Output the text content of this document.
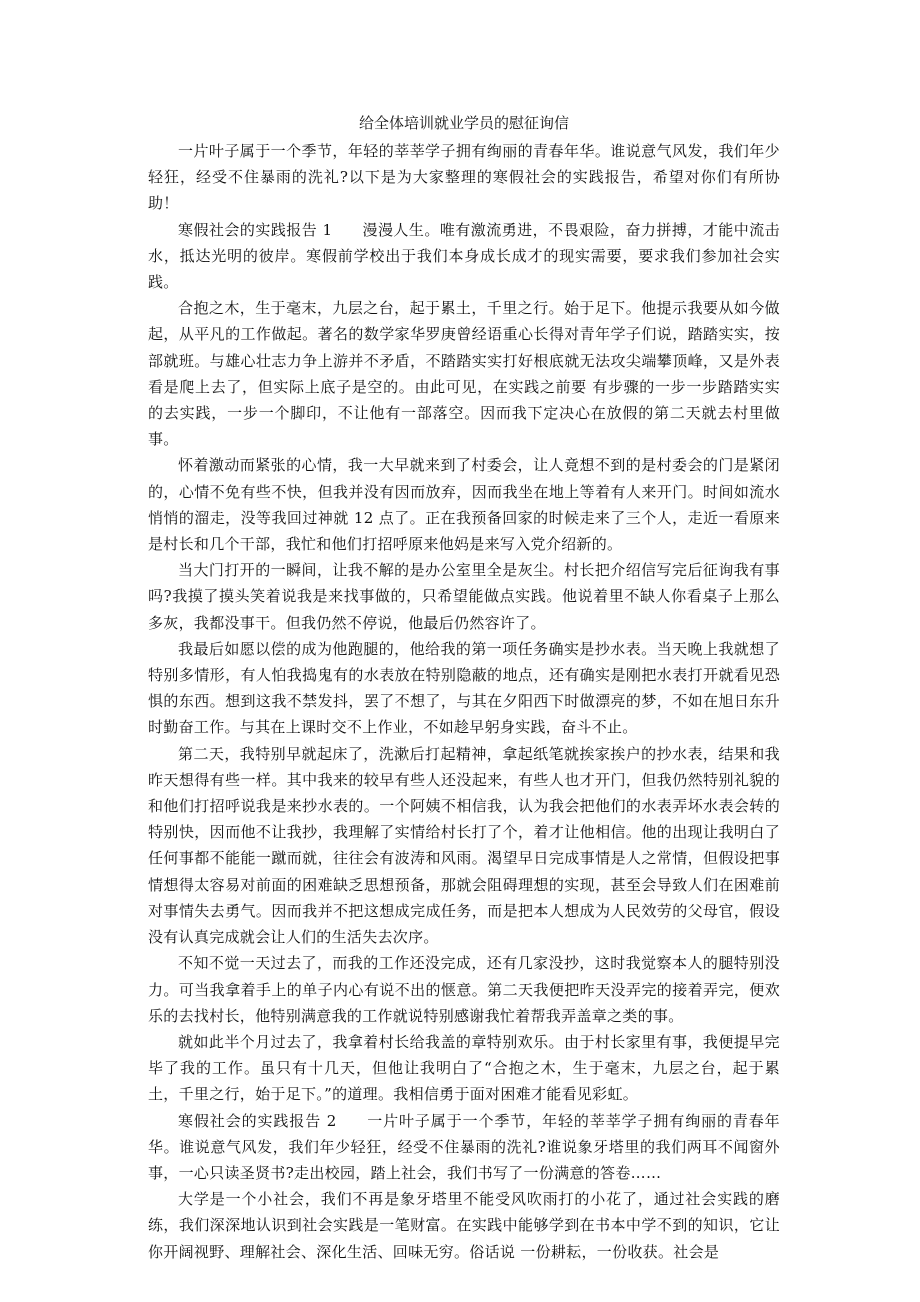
给全体培训就业学员的慰征询信

一片叶子属于一个季节，年轻的莘莘学子拥有绚丽的青春年华。谁说意气风发，我们年少轻狂，经受不住暴雨的洗礼?以下是为大家整理的寒假社会的实践报告，希望对你们有所协助！

寒假社会的实践报告 1 漫漫人生。唯有激流勇进，不畏艰险，奋力拼搏，才能中流击水，抵达光明的彼岸。寒假前学校出于我们本身成长成才的现实需要，要求我们参加社会实践。

合抱之木，生于毫末，九层之台，起于累土，千里之行。始于足下。他提示我要从如今做起，从平凡的工作做起。著名的数学家华罗庚曾经语重心长得对青年学子们说，踏踏实实，按部就班。与雄心壮志力争上游并不矛盾，不踏踏实实打好根底就无法攻尖端攀顶峰，又是外表看是爬上去了，但实际上底子是空的。由此可见，在实践之前要 有步骤的一步一步踏踏实实的去实践，一步一个脚印，不让他有一部落空。因而我下定决心在放假的第二天就去村里做事。

怀着激动而紧张的心情，我一大早就来到了村委会，让人竟想不到的是村委会的门是紧闭的，心情不免有些不快，但我并没有因而放弃，因而我坐在地上等着有人来开门。时间如流水悄悄的溜走，没等我回过神就 12 点了。正在我预备回家的时候走来了三个人，走近一看原来是村长和几个干部，我忙和他们打招呼原来他妈是来写入党介绍新的。

当大门打开的一瞬间，让我不解的是办公室里全是灰尘。村长把介绍信写完后征询我有事吗?我摸了摸头笑着说我是来找事做的，只希望能做点实践。他说着里不缺人你看桌子上那么多灰，我都没事干。但我仍然不停说，他最后仍然容许了。

我最后如愿以偿的成为他跑腿的，他给我的第一项任务确实是抄水表。当天晚上我就想了特别多情形，有人怕我捣鬼有的水表放在特别隐蔽的地点，还有确实是刚把水表打开就看见恐惧的东西。想到这我不禁发抖，罢了不想了，与其在夕阳西下时做漂亮的梦，不如在旭日东升时勤奋工作。与其在上课时交不上作业，不如趁早躬身实践，奋斗不止。

第二天，我特别早就起床了，洗漱后打起精神，拿起纸笔就挨家挨户的抄水表，结果和我昨天想得有些一样。其中我来的较早有些人还没起来，有些人也才开门，但我仍然特别礼貌的和他们打招呼说我是来抄水表的。一个阿姨不相信我，认为我会把他们的水表弄坏水表会转的特别快，因而他不让我抄，我理解了实情给村长打了个，着才让他相信。他的出现让我明白了任何事都不能能一蹴而就，往往会有波涛和风雨。渴望早日完成事情是人之常情，但假设把事情想得太容易对前面的困难缺乏思想预备，那就会阻碍理想的实现，甚至会导致人们在困难前对事情失去勇气。因而我并不把这想成完成任务，而是把本人想成为人民效劳的父母官，假设没有认真完成就会让人们的生活失去次序。

不知不觉一天过去了，而我的工作还没完成，还有几家没抄，这时我觉察本人的腿特别没力。可当我拿着手上的单子内心有说不出的惬意。第二天我便把昨天没弄完的接着弄完，便欢乐的去找村长，他特别满意我的工作就说特别感谢我忙着帮我弄盖章之类的事。

就如此半个月过去了，我拿着村长给我盖的章特别欢乐。由于村长家里有事，我便提早完毕了我的工作。虽只有十几天，但他让我明白了“合抱之木，生于毫末，九层之台，起于累土，千里之行，始于足下。”的道理。我相信勇于面对困难才能看见彩虹。

寒假社会的实践报告 2 一片叶子属于一个季节，年轻的莘莘学子拥有绚丽的青春年华。谁说意气风发，我们年少轻狂，经受不住暴雨的洗礼?谁说象牙塔里的我们两耳不闻窗外事，一心只读圣贤书?走出校园，踏上社会，我们书写了一份满意的答卷……

大学是一个小社会，我们不再是象牙塔里不能受风吹雨打的小花了，通过社会实践的磨练，我们深深地认识到社会实践是一笔财富。在实践中能够学到在书本中学不到的知识，它让你开阔视野、理解社会、深化生活、回味无穷。俗话说 一份耕耘，一份收获。社会是
